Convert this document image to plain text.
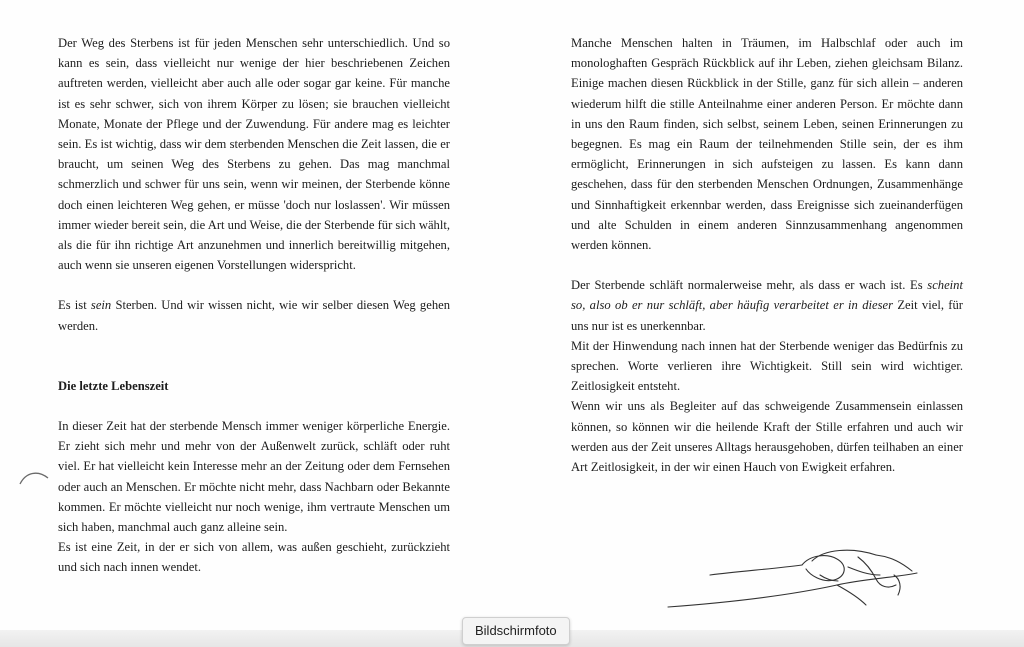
Der Weg des Sterbens ist für jeden Menschen sehr unterschiedlich. Und so kann es sein, dass vielleicht nur wenige der hier beschriebenen Zeichen auftreten werden, vielleicht aber auch alle oder sogar gar keine. Für manche ist es sehr schwer, sich von ihrem Körper zu lösen; sie brauchen vielleicht Monate, Monate der Pflege und der Zuwendung. Für andere mag es leichter sein. Es ist wichtig, dass wir dem sterbenden Menschen die Zeit lassen, die er braucht, um seinen Weg des Sterbens zu gehen. Das mag manchmal schmerzlich und schwer für uns sein, wenn wir meinen, der Sterbende könne doch einen leichteren Weg gehen, er müsse 'doch nur loslassen'. Wir müssen immer wieder bereit sein, die Art und Weise, die der Sterbende für sich wählt, als die für ihn richtige Art anzunehmen und innerlich bereitwillig mitgehen, auch wenn sie unseren eigenen Vorstellungen widerspricht.

Es ist sein Sterben. Und wir wissen nicht, wie wir selber diesen Weg gehen werden.

Die letzte Lebenszeit

In dieser Zeit hat der sterbende Mensch immer weniger körperliche Energie. Er zieht sich mehr und mehr von der Außenwelt zurück, schläft oder ruht viel. Er hat vielleicht kein Interesse mehr an der Zeitung oder dem Fernsehen oder auch an Menschen. Er möchte nicht mehr, dass Nachbarn oder Bekannte kommen. Er möchte vielleicht nur noch wenige, ihm vertraute Menschen um sich haben, manchmal auch ganz alleine sein.

Es ist eine Zeit, in der er sich von allem, was außen geschieht, zurückzieht und sich nach innen wendet.

Manche Menschen halten in Träumen, im Halbschlaf oder auch im monologhaften Gespräch Rückblick auf ihr Leben, ziehen gleichsam Bilanz. Einige machen diesen Rückblick in der Stille, ganz für sich allein – anderen wiederum hilft die stille Anteilnahme einer anderen Person. Er möchte dann in uns den Raum finden, sich selbst, seinem Leben, seinen Erinnerungen zu begegnen. Es mag ein Raum der teilnehmenden Stille sein, der es ihm ermöglicht, Erinnerungen in sich aufsteigen zu lassen. Es kann dann geschehen, dass für den sterbenden Menschen Ordnungen, Zusammenhänge und Sinnhaftigkeit erkennbar werden, dass Ereignisse sich zueinanderfügen und alte Schulden in einem anderen Sinnzusammenhang angenommen werden können.

Der Sterbende schläft normalerweise mehr, als dass er wach ist. Es scheint so, also ob er nur schläft, aber häufig verarbeitet er in dieser Zeit viel, für uns nur ist es unerkennbar.

Mit der Hinwendung nach innen hat der Sterbende weniger das Bedürfnis zu sprechen. Worte verlieren ihre Wichtigkeit. Still sein wird wichtiger. Zeitlosigkeit entsteht.

Wenn wir uns als Begleiter auf das schweigende Zusammensein einlassen können, so können wir die heilende Kraft der Stille erfahren und auch wir werden aus der Zeit unseres Alltags herausgehoben, dürfen teilhaben an einer Art Zeitlosigkeit, in der wir einen Hauch von Ewigkeit erfahren.

Bildschirmfoto
